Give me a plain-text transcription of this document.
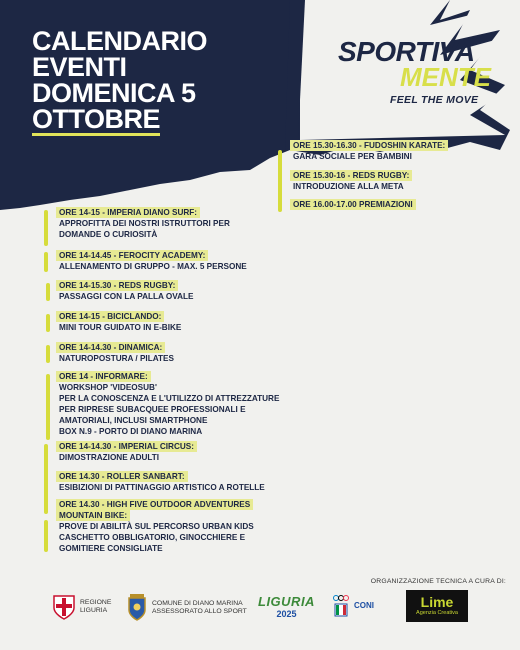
CALENDARIO
EVENTI
DOMENICA 5
OTTOBRE
SPORTIVA
MENTE
FEEL THE MOVE
ORE 14-15 - IMPERIA DIANO SURF:
APPROFITTA DEI NOSTRI ISTRUTTORI PER
DOMANDE O CURIOSITÀ
ORE 14-14.45 - FEROCITY ACADEMY:
ALLENAMENTO DI GRUPPO - MAX. 5 PERSONE
ORE 14-15.30 - REDS RUGBY:
PASSAGGI CON LA PALLA OVALE
ORE 14-15 - BICICLANDO:
MINI TOUR GUIDATO IN E-BIKE
ORE 14-14.30 - DINAMICA:
NATUROPOSTURA / PILATES
ORE 14 - INFORMARE:
WORKSHOP 'VIDEOSUB'
PER LA CONOSCENZA E L'UTILIZZO DI ATTREZZATURE
PER RIPRESE SUBACQUEE PROFESSIONALI E
AMATORIALI, INCLUSI SMARTPHONE
BOX N.9 - PORTO DI DIANO MARINA
ORE 14-14.30 - IMPERIAL CIRCUS:
DIMOSTRAZIONE ADULTI
ORE 14.30 - ROLLER SANBART:
ESIBIZIONI DI PATTINAGGIO ARTISTICO A ROTELLE
ORE 14.30 - HIGH FIVE OUTDOOR ADVENTURES
MOUNTAIN BIKE:
PROVE DI ABILITÀ SUL PERCORSO URBAN KIDS
CASCHETTO OBBLIGATORIO, GINOCCHIERE E
GOMITIERE CONSIGLIATE
ORE 15.30-16.30 - FUDOSHIN KARATE:
GARA SOCIALE PER BAMBINI
ORE 15.30-16 - REDS RUGBY:
INTRODUZIONE ALLA META
ORE 16.00-17.00 PREMIAZIONI
ORGANIZZAZIONE TECNICA A CURA DI:
REGIONE
LIGURIA
COMUNE DI DIANO MARINA
ASSESSORATO ALLO SPORT
LIGURIA
2025
CONI	Lime
Agenzia Creativa
